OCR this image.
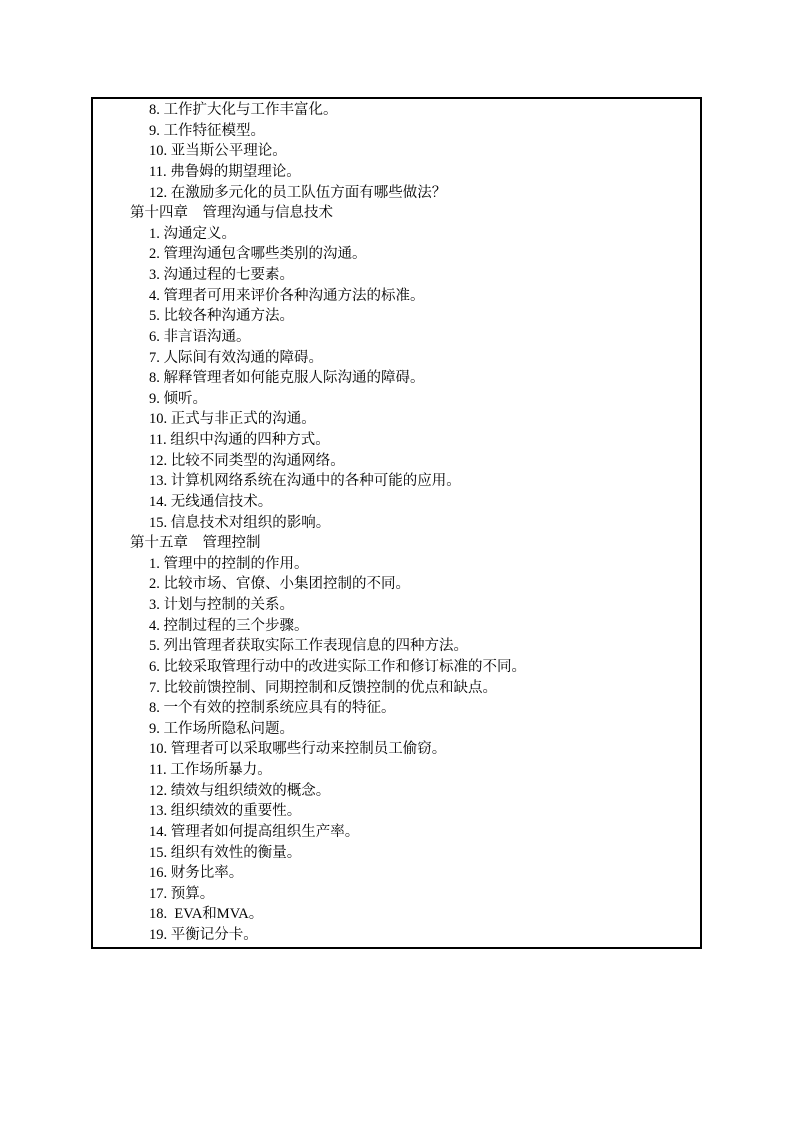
8. 工作扩大化与工作丰富化。
9. 工作特征模型。
10. 亚当斯公平理论。
11. 弗鲁姆的期望理论。
12. 在激励多元化的员工队伍方面有哪些做法？
第十四章　管理沟通与信息技术
1. 沟通定义。
2. 管理沟通包含哪些类别的沟通。
3. 沟通过程的七要素。
4. 管理者可用来评价各种沟通方法的标准。
5. 比较各种沟通方法。
6. 非言语沟通。
7. 人际间有效沟通的障碍。
8. 解释管理者如何能克服人际沟通的障碍。
9. 倾听。
10. 正式与非正式的沟通。
11. 组织中沟通的四种方式。
12. 比较不同类型的沟通网络。
13. 计算机网络系统在沟通中的各种可能的应用。
14. 无线通信技术。
15. 信息技术对组织的影响。
第十五章　管理控制
1. 管理中的控制的作用。
2. 比较市场、官僚、小集团控制的不同。
3. 计划与控制的关系。
4. 控制过程的三个步骤。
5. 列出管理者获取实际工作表现信息的四种方法。
6. 比较采取管理行动中的改进实际工作和修订标准的不同。
7. 比较前馈控制、同期控制和反馈控制的优点和缺点。
8. 一个有效的控制系统应具有的特征。
9. 工作场所隐私问题。
10. 管理者可以采取哪些行动来控制员工偷窃。
11. 工作场所暴力。
12. 绩效与组织绩效的概念。
13. 组织绩效的重要性。
14. 管理者如何提高组织生产率。
15. 组织有效性的衡量。
16. 财务比率。
17. 预算。
18.  EVA和MVA。
19. 平衡记分卡。
